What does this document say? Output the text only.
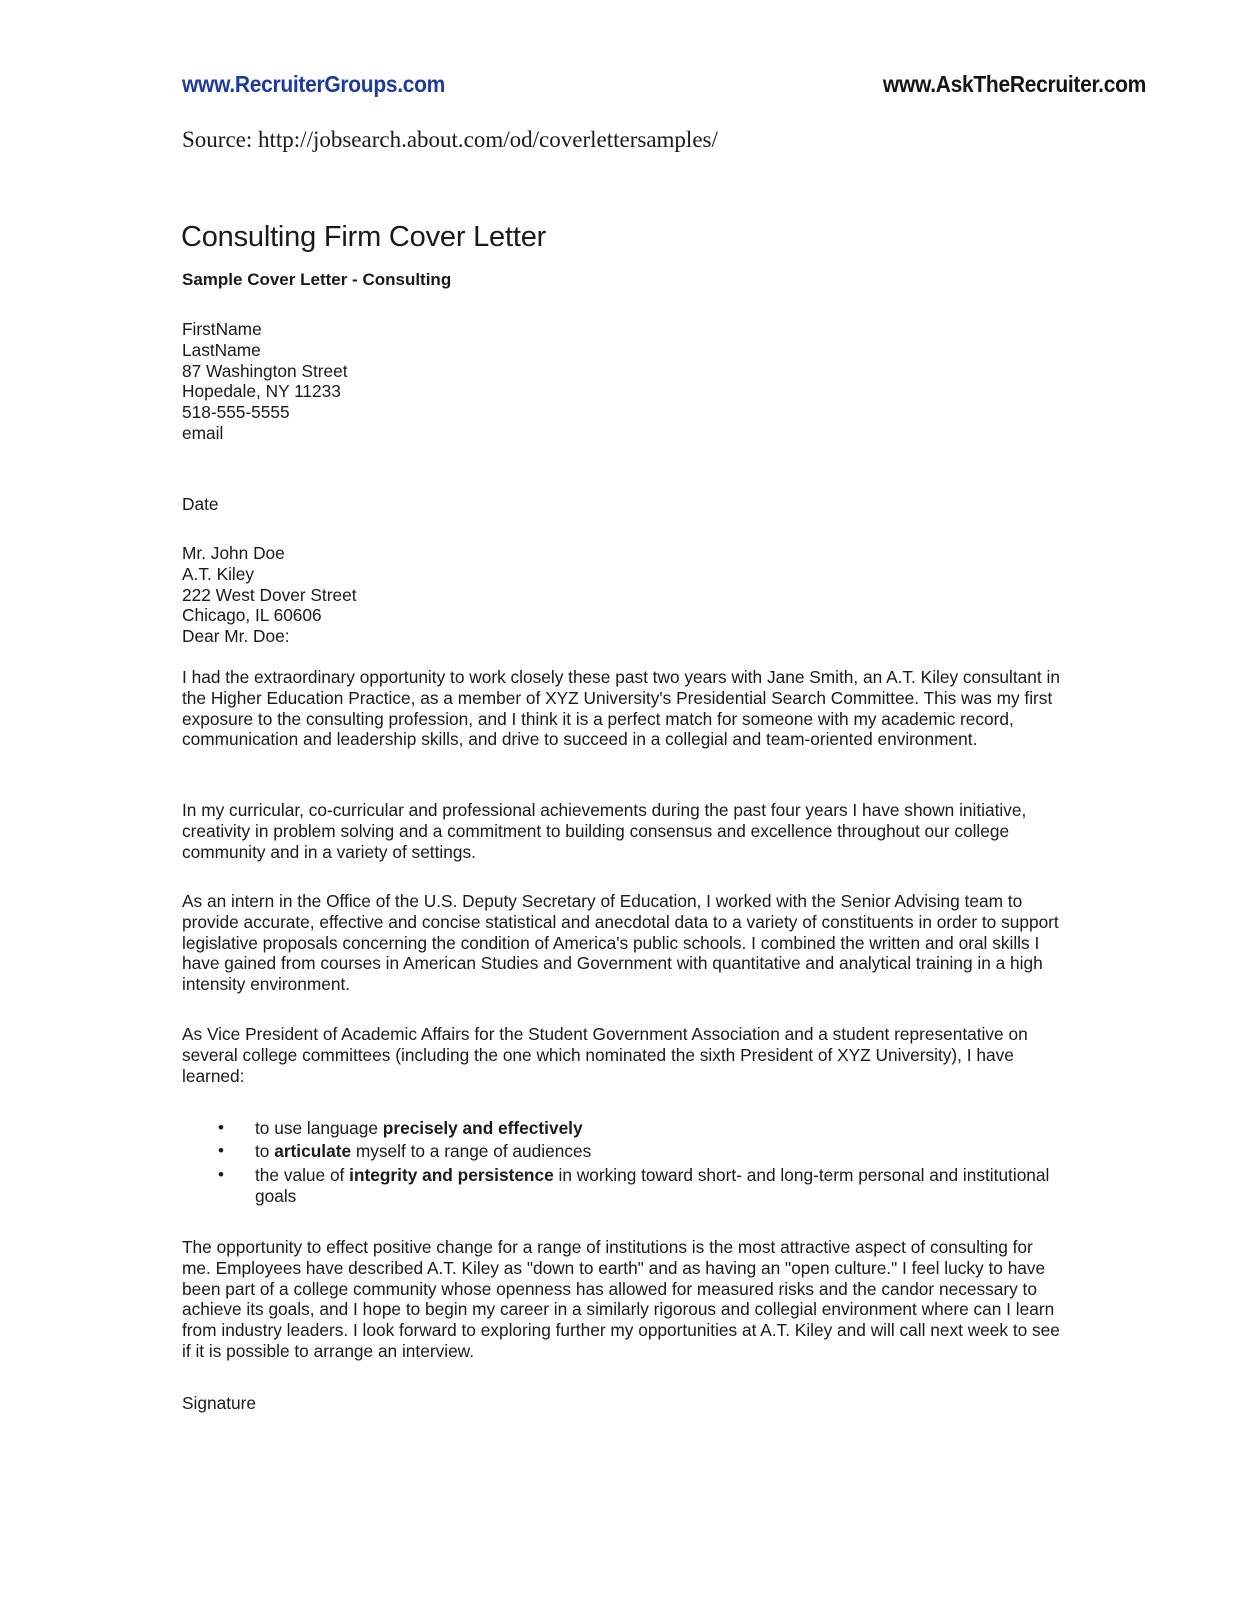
www.RecruiterGroups.com	www.AskTheRecruiter.com
Source: http://jobsearch.about.com/od/coverlettersamples/
Consulting Firm Cover Letter
Sample Cover Letter - Consulting
FirstName
LastName
87 Washington Street
Hopedale, NY 11233
518-555-5555
email
Date
Mr. John Doe
A.T. Kiley
222 West Dover Street
Chicago, IL 60606
Dear Mr. Doe:

I had the extraordinary opportunity to work closely these past two years with Jane Smith, an A.T. Kiley consultant in the Higher Education Practice, as a member of XYZ University's Presidential Search Committee. This was my first exposure to the consulting profession, and I think it is a perfect match for someone with my academic record, communication and leadership skills, and drive to succeed in a collegial and team-oriented environment.

In my curricular, co-curricular and professional achievements during the past four years I have shown initiative, creativity in problem solving and a commitment to building consensus and excellence throughout our college community and in a variety of settings.

As an intern in the Office of the U.S. Deputy Secretary of Education, I worked with the Senior Advising team to provide accurate, effective and concise statistical and anecdotal data to a variety of constituents in order to support legislative proposals concerning the condition of America's public schools. I combined the written and oral skills I have gained from courses in American Studies and Government with quantitative and analytical training in a high intensity environment.

As Vice President of Academic Affairs for the Student Government Association and a student representative on several college committees (including the one which nominated the sixth President of XYZ University), I have learned:

• to use language precisely and effectively
• to articulate myself to a range of audiences
• the value of integrity and persistence in working toward short- and long-term personal and institutional goals

The opportunity to effect positive change for a range of institutions is the most attractive aspect of consulting for me. Employees have described A.T. Kiley as "down to earth" and as having an "open culture." I feel lucky to have been part of a college community whose openness has allowed for measured risks and the candor necessary to achieve its goals, and I hope to begin my career in a similarly rigorous and collegial environment where can I learn from industry leaders. I look forward to exploring further my opportunities at A.T. Kiley and will call next week to see if it is possible to arrange an interview.

Signature
